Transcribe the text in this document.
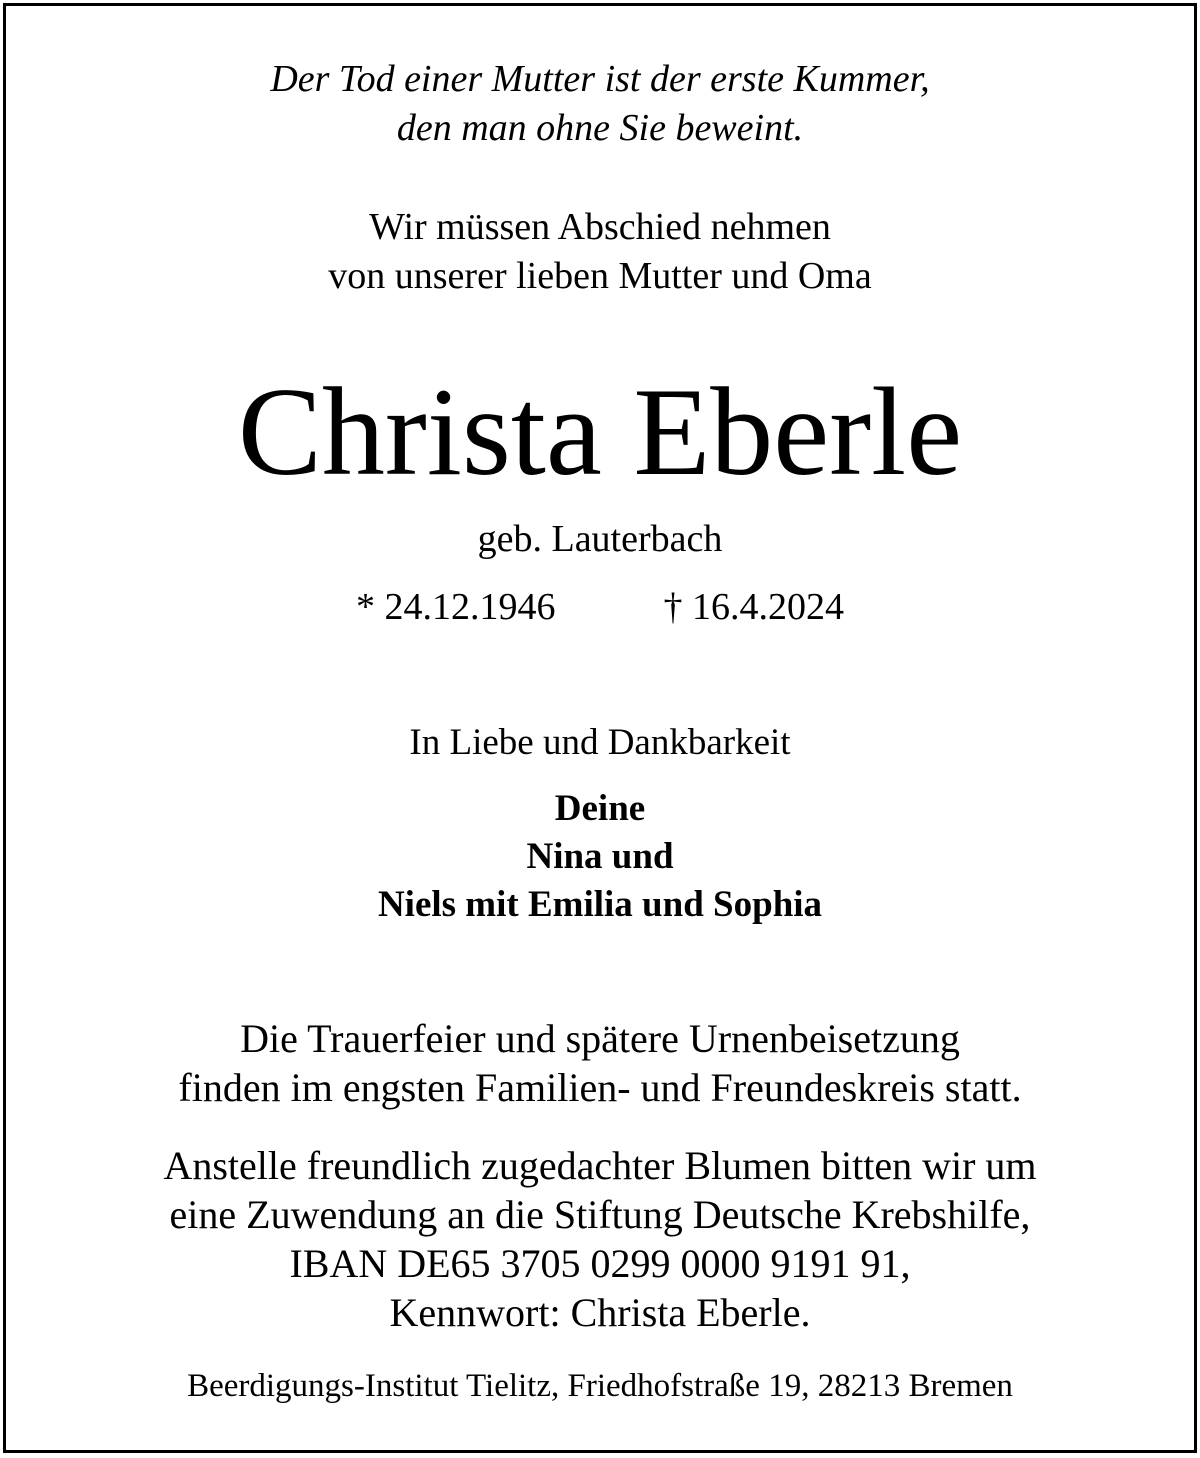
Der Tod einer Mutter ist der erste Kummer,
den man ohne Sie beweint.
Wir müssen Abschied nehmen
von unserer lieben Mutter und Oma
Christa Eberle
geb. Lauterbach
* 24.12.1946	† 16.4.2024
In Liebe und Dankbarkeit
Deine
Nina und
Niels mit Emilia und Sophia
Die Trauerfeier und spätere Urnenbeisetzung
finden im engsten Familien- und Freundeskreis statt.
Anstelle freundlich zugedachter Blumen bitten wir um
eine Zuwendung an die Stiftung Deutsche Krebshilfe,
IBAN DE65 3705 0299 0000 9191 91,
Kennwort: Christa Eberle.
Beerdigungs-Institut Tielitz, Friedhofstraße 19, 28213 Bremen
